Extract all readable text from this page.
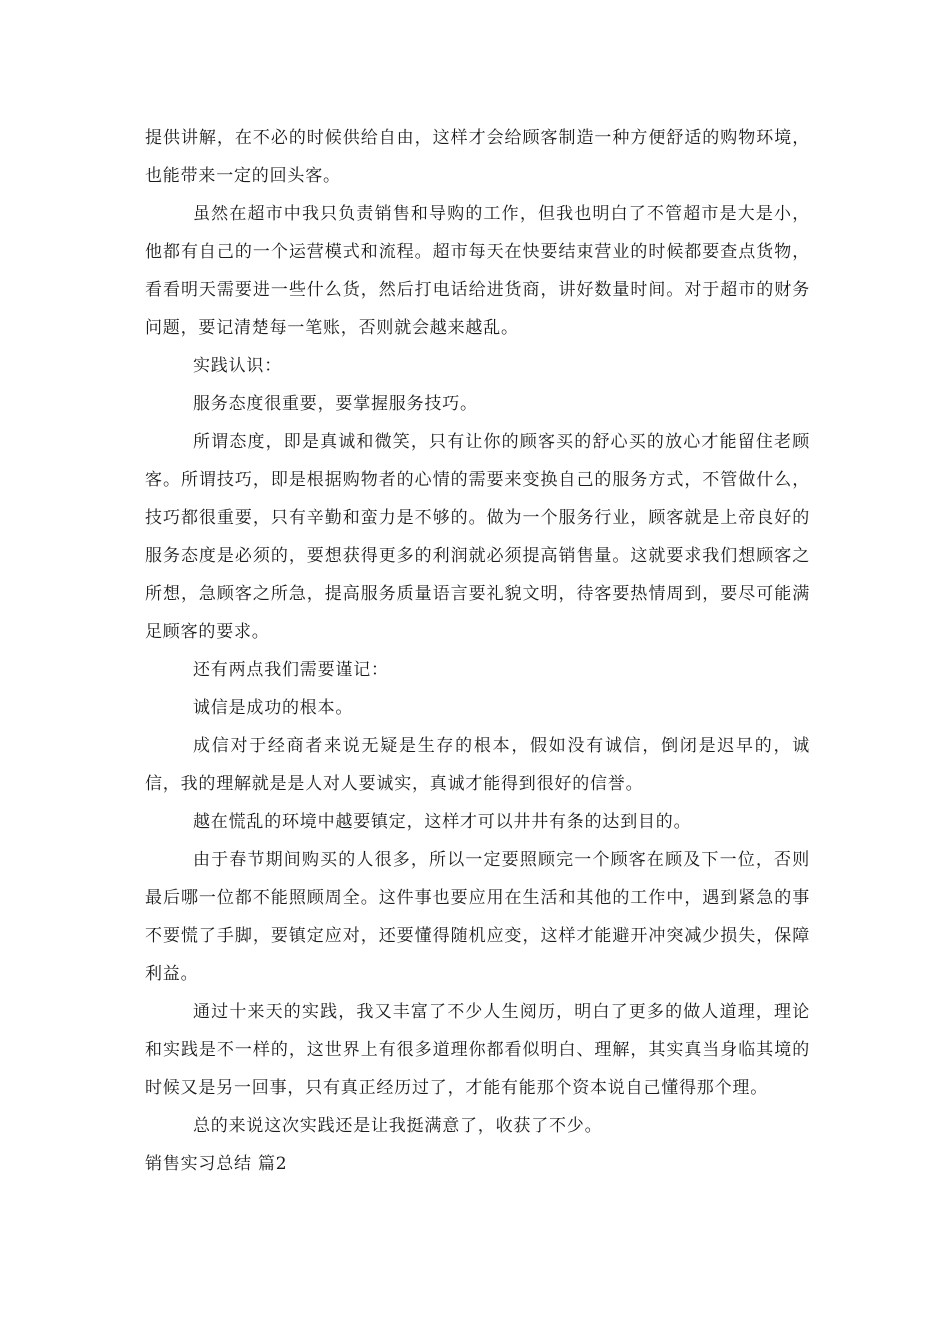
提供讲解，在不必的时候供给自由，这样才会给顾客制造一种方便舒适的购物环境，也能带来一定的回头客。

虽然在超市中我只负责销售和导购的工作，但我也明白了不管超市是大是小，他都有自己的一个运营模式和流程。超市每天在快要结束营业的时候都要查点货物，看看明天需要进一些什么货，然后打电话给进货商，讲好数量时间。对于超市的财务问题，要记清楚每一笔账，否则就会越来越乱。

实践认识：

服务态度很重要，要掌握服务技巧。

所谓态度，即是真诚和微笑，只有让你的顾客买的舒心买的放心才能留住老顾客。所谓技巧，即是根据购物者的心情的需要来变换自己的服务方式，不管做什么，技巧都很重要，只有辛勤和蛮力是不够的。做为一个服务行业，顾客就是上帝良好的服务态度是必须的，要想获得更多的利润就必须提高销售量。这就要求我们想顾客之所想，急顾客之所急，提高服务质量语言要礼貌文明，待客要热情周到，要尽可能满足顾客的要求。

还有两点我们需要谨记：

诚信是成功的根本。

成信对于经商者来说无疑是生存的根本，假如没有诚信，倒闭是迟早的，诚信，我的理解就是是人对人要诚实，真诚才能得到很好的信誉。

越在慌乱的环境中越要镇定，这样才可以井井有条的达到目的。

由于春节期间购买的人很多，所以一定要照顾完一个顾客在顾及下一位，否则最后哪一位都不能照顾周全。这件事也要应用在生活和其他的工作中，遇到紧急的事不要慌了手脚，要镇定应对，还要懂得随机应变，这样才能避开冲突减少损失，保障利益。

通过十来天的实践，我又丰富了不少人生阅历，明白了更多的做人道理，理论和实践是不一样的，这世界上有很多道理你都看似明白、理解，其实真当身临其境的时候又是另一回事，只有真正经历过了，才能有能那个资本说自己懂得那个理。

总的来说这次实践还是让我挺满意了，收获了不少。

销售实习总结 篇2
